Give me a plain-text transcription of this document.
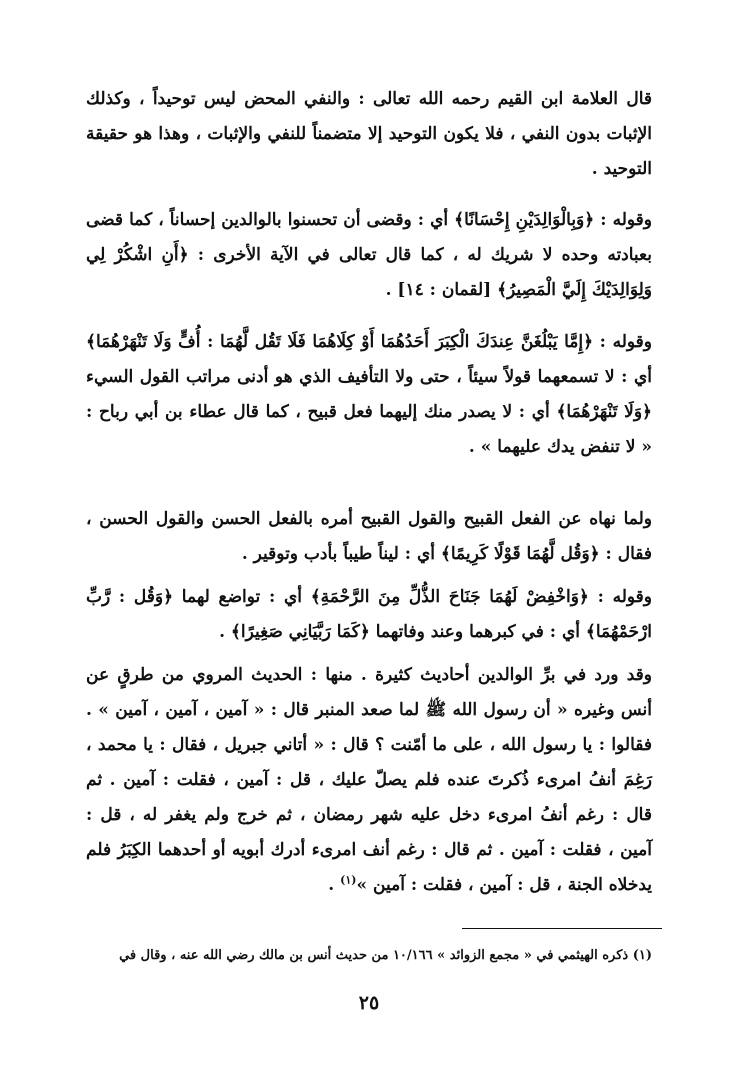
قال العلامة ابن القيم رحمه الله تعالى : والنفي المحض ليس توحيداً ، وكذلك الإثبات بدون النفي ، فلا يكون التوحيد إلا متضمناً للنفي والإثبات ، وهذا هو حقيقة التوحيد .

وقوله : ﴿وَبِالْوَالِدَيْنِ إِحْسَانًا﴾ أي : وقضى أن تحسنوا بالوالدين إحساناً ، كما قضى بعبادته وحده لا شريك له ، كما قال تعالى في الآية الأخرى : ﴿أَنِ اشْكُرْ لِي وَلِوَالِدَيْكَ إِلَيَّ الْمَصِيرُ﴾ [لقمان : ١٤] .

وقوله : ﴿إِمَّا يَبْلُغَنَّ عِندَكَ الْكِبَرَ أَحَدُهُمَا أَوْ كِلَاهُمَا فَلَا تَقُل لَّهُمَا : أُفٍّ وَلَا تَنْهَرْهُمَا﴾ أي : لا تسمعهما قولاً سيئاً ، حتى ولا التأفيف الذي هو أدنى مراتب القول السيء ﴿وَلَا تَنْهَرْهُمَا﴾ أي : لا يصدر منك إليهما فعل قبيح ، كما قال عطاء بن أبي رباح : « لا تنفض يدك عليهما » .

ولما نهاه عن الفعل القبيح والقول القبيح أمره بالفعل الحسن والقول الحسن ، فقال : ﴿وَقُل لَّهُمَا قَوْلًا كَرِيمًا﴾ أي : ليناً طيباً بأدب وتوقير .

وقوله : ﴿وَاخْفِضْ لَهُمَا جَنَاحَ الذُّلِّ مِنَ الرَّحْمَةِ﴾ أي : تواضع لهما ﴿وَقُل : رَّبِّ ارْحَمْهُمَا﴾ أي : في كبرهما وعند وفاتهما ﴿كَمَا رَبَّيَانِي صَغِيرًا﴾ .

وقد ورد في برِّ الوالدين أحاديث كثيرة . منها : الحديث المروي من طرقٍ عن أنس وغيره « أن رسول الله ﷺ لما صعد المنبر قال : « آمين ، آمين ، آمين » . فقالوا : يا رسول الله ، على ما أمّنت ؟ قال : « أتاني جبريل ، فقال : يا محمد ، رَغِمَ أنفُ امرىء ذُكرتَ عنده فلم يصلّ عليك ، قل : آمين ، فقلت : آمين . ثم قال : رغم أنفُ امرىء دخل عليه شهر رمضان ، ثم خرج ولم يغفر له ، قل : آمين ، فقلت : آمين . ثم قال : رغم أنف امرىء أدرك أبويه أو أحدهما الكِبَرُ فلم يدخلاه الجنة ، قل : آمين ، فقلت : آمين »$^{(١)}$ .

(١) ذكره الهيثمي في « مجمع الزوائد » ١٠/١٦٦ من حديث أنس بن مالك رضي الله عنه ، وقال في

٢٥
